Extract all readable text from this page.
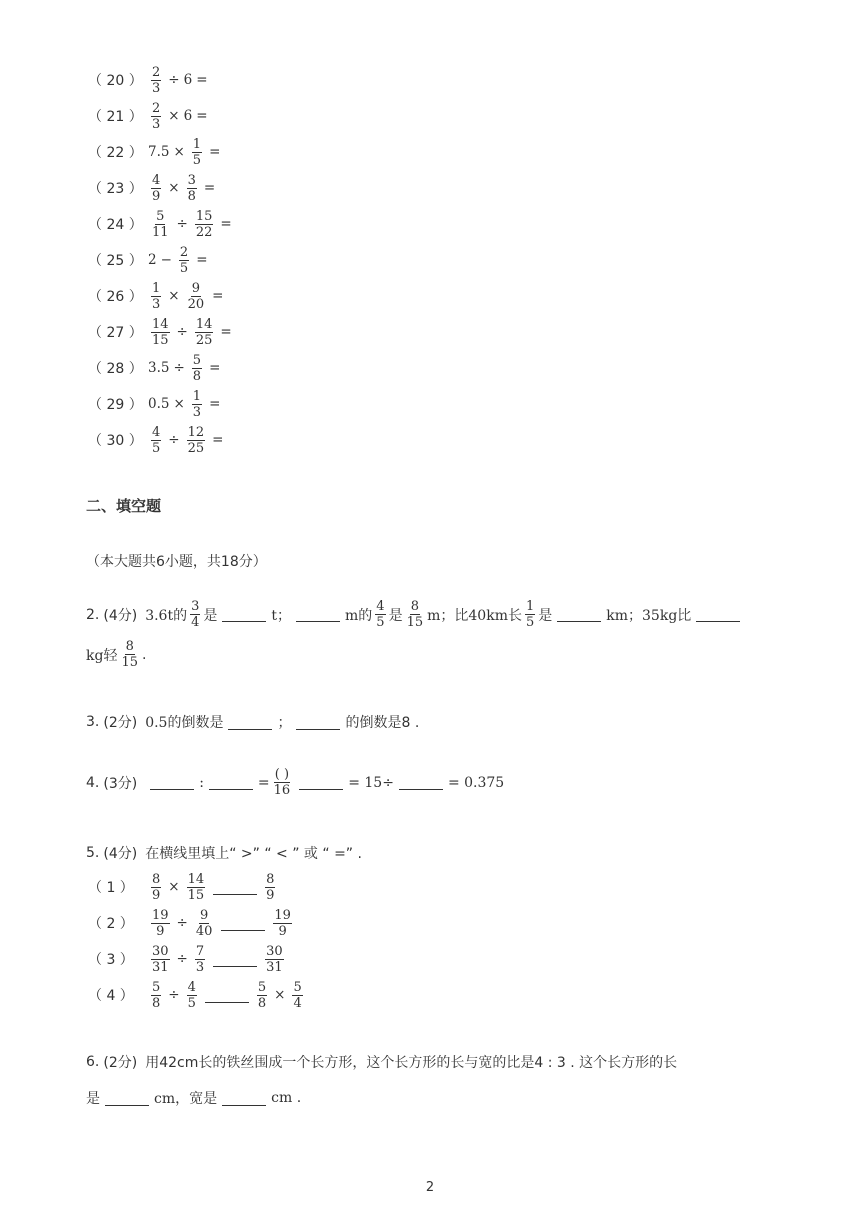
（ 20 ） $\frac{2}{3} \div 6$ =
（ 21 ） $\frac{2}{3} \times 6$ =
（ 22 ） $7.5 \times \frac{1}{5}$ =
（ 23 ） $\frac{4}{9} \times \frac{3}{8}$ =
（ 24 ） $\frac{5}{11} \div \frac{15}{22}$ =
（ 25 ） $2 - \frac{2}{5}$ =
（ 26 ） $\frac{1}{3} \times \frac{9}{20}$ =
（ 27 ） $\frac{14}{15} \div \frac{14}{25}$ =
（ 28 ） $3.5 \div \frac{5}{8}$ =
（ 29 ） $0.5 \times \frac{1}{3}$ =
（ 30 ） $\frac{4}{5} \div \frac{12}{25}$ =
二、填空题
（本大题共6小题，共18分）
2. (4分) 3.6t的 $\frac{3}{4}$ 是	t；	m的 $\frac{4}{5}$ 是 $\frac{8}{15}$ m；比40km长 $\frac{1}{5}$ 是	km；35kg比
kg轻 $\frac{8}{15}$ .
3. (2分) 0.5的倒数是	；	的倒数是8 .
4. (3分)	:	= $\frac{( )}{16}$	= 15÷	= 0.375
5. (4分) 在横线里填上“ >” “ < ” 或 “ =” .
（ 1 ）	$\frac{8}{9} \times \frac{14}{15}$	$\frac{8}{9}$
（ 2 ）	$\frac{19}{9} \div \frac{9}{40}$	$\frac{19}{9}$
（ 3 ）	$\frac{30}{31} \div \frac{7}{3}$	$\frac{30}{31}$
（ 4 ）	$\frac{5}{8} \div \frac{4}{5}$	$\frac{5}{8} \times \frac{5}{4}$
6. (2分) 用42cm长的铁丝围成一个长方形，这个长方形的长与宽的比是4 : 3 . 这个长方形的长
是	cm，宽是	cm .
2
